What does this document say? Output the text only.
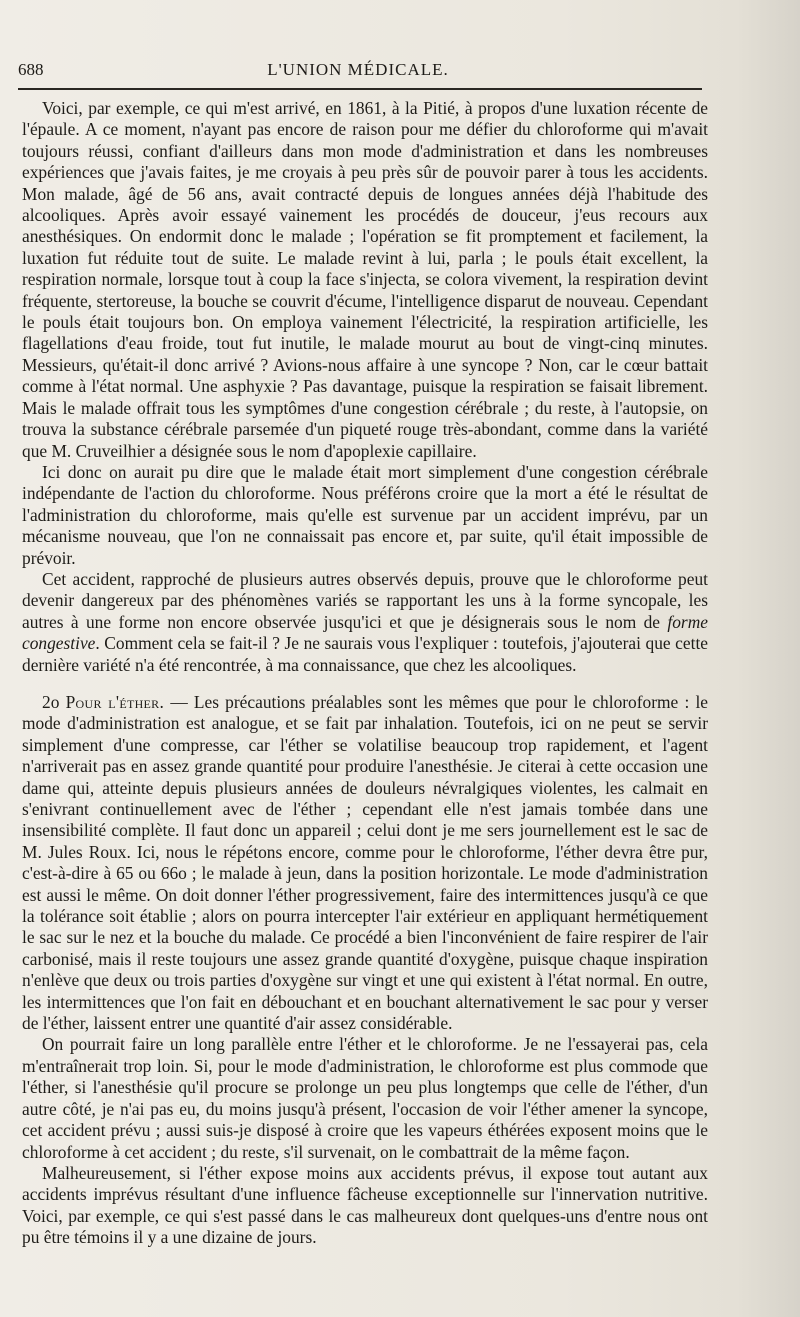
688	L'UNION MÉDICALE.

Voici, par exemple, ce qui m'est arrivé, en 1861, à la Pitié, à propos d'une luxation récente de l'épaule. A ce moment, n'ayant pas encore de raison pour me défier du chloroforme qui m'avait toujours réussi, confiant d'ailleurs dans mon mode d'administration et dans les nombreuses expériences que j'avais faites, je me croyais à peu près sûr de pouvoir parer à tous les accidents. Mon malade, âgé de 56 ans, avait contracté depuis de longues années déjà l'habitude des alcooliques. Après avoir essayé vainement les procédés de douceur, j'eus recours aux anesthésiques. On endormit donc le malade ; l'opération se fit promptement et facilement, la luxation fut réduite tout de suite. Le malade revint à lui, parla ; le pouls était excellent, la respiration normale, lorsque tout à coup la face s'injecta, se colora vivement, la respiration devint fréquente, stertoreuse, la bouche se couvrit d'écume, l'intelligence disparut de nouveau. Cependant le pouls était toujours bon. On employa vainement l'électricité, la respiration artificielle, les flagellations d'eau froide, tout fut inutile, le malade mourut au bout de vingt-cinq minutes. Messieurs, qu'était-il donc arrivé ? Avions-nous affaire à une syncope ? Non, car le cœur battait comme à l'état normal. Une asphyxie ? Pas davantage, puisque la respiration se faisait librement. Mais le malade offrait tous les symptômes d'une congestion cérébrale ; du reste, à l'autopsie, on trouva la substance cérébrale parsemée d'un piqueté rouge très-abondant, comme dans la variété que M. Cruveilhier a désignée sous le nom d'apoplexie capillaire.

Ici donc on aurait pu dire que le malade était mort simplement d'une congestion cérébrale indépendante de l'action du chloroforme. Nous préférons croire que la mort a été le résultat de l'administration du chloroforme, mais qu'elle est survenue par un accident imprévu, par un mécanisme nouveau, que l'on ne connaissait pas encore et, par suite, qu'il était impossible de prévoir.

Cet accident, rapproché de plusieurs autres observés depuis, prouve que le chloroforme peut devenir dangereux par des phénomènes variés se rapportant les uns à la forme syncopale, les autres à une forme non encore observée jusqu'ici et que je désignerais sous le nom de forme congestive. Comment cela se fait-il ? Je ne saurais vous l'expliquer : toutefois, j'ajouterai que cette dernière variété n'a été rencontrée, à ma connaissance, que chez les alcooliques.

2o Pour l'éther. — Les précautions préalables sont les mêmes que pour le chloroforme : le mode d'administration est analogue, et se fait par inhalation. Toutefois, ici on ne peut se servir simplement d'une compresse, car l'éther se volatilise beaucoup trop rapidement, et l'agent n'arriverait pas en assez grande quantité pour produire l'anesthésie. Je citerai à cette occasion une dame qui, atteinte depuis plusieurs années de douleurs névralgiques violentes, les calmait en s'enivrant continuellement avec de l'éther ; cependant elle n'est jamais tombée dans une insensibilité complète. Il faut donc un appareil ; celui dont je me sers journellement est le sac de M. Jules Roux. Ici, nous le répétons encore, comme pour le chloroforme, l'éther devra être pur, c'est-à-dire à 65 ou 66o ; le malade à jeun, dans la position horizontale. Le mode d'administration est aussi le même. On doit donner l'éther progressivement, faire des intermittences jusqu'à ce que la tolérance soit établie ; alors on pourra intercepter l'air extérieur en appliquant hermétiquement le sac sur le nez et la bouche du malade. Ce procédé a bien l'inconvénient de faire respirer de l'air carbonisé, mais il reste toujours une assez grande quantité d'oxygène, puisque chaque inspiration n'enlève que deux ou trois parties d'oxygène sur vingt et une qui existent à l'état normal. En outre, les intermittences que l'on fait en débouchant et en bouchant alternativement le sac pour y verser de l'éther, laissent entrer une quantité d'air assez considérable.

On pourrait faire un long parallèle entre l'éther et le chloroforme. Je ne l'essayerai pas, cela m'entraînerait trop loin. Si, pour le mode d'administration, le chloroforme est plus commode que l'éther, si l'anesthésie qu'il procure se prolonge un peu plus longtemps que celle de l'éther, d'un autre côté, je n'ai pas eu, du moins jusqu'à présent, l'occasion de voir l'éther amener la syncope, cet accident prévu ; aussi suis-je disposé à croire que les vapeurs éthérées exposent moins que le chloroforme à cet accident ; du reste, s'il survenait, on le combattrait de la même façon.

Malheureusement, si l'éther expose moins aux accidents prévus, il expose tout autant aux accidents imprévus résultant d'une influence fâcheuse exceptionnelle sur l'innervation nutritive. Voici, par exemple, ce qui s'est passé dans le cas malheureux dont quelques-uns d'entre nous ont pu être témoins il y a une dizaine de jours.
